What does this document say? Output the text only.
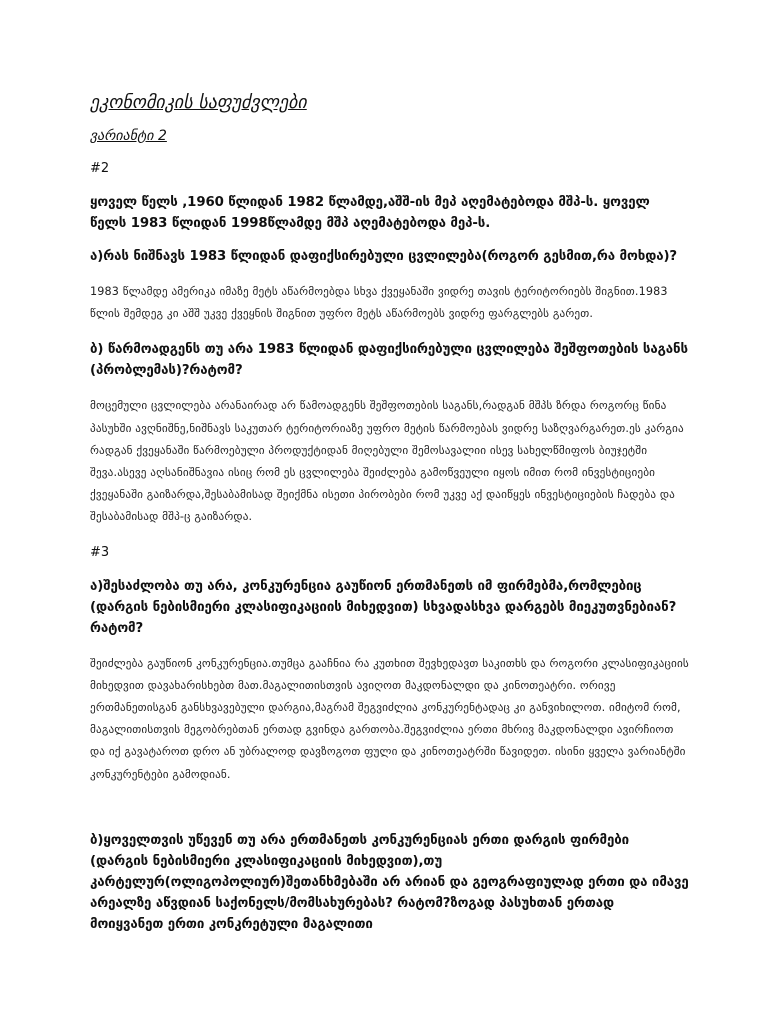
ეკონომიკის საფუძვლები
ვარიანტი 2
#2
ყოველ წელს ,1960 წლიდან 1982 წლამდე,აშშ-ის მეპ აღემატებოდა მშპ-ს. ყოველ წელს 1983 წლიდან 1998წლამდე მშპ აღემატებოდა მეპ-ს.
ა)რას ნიშნავს 1983 წლიდან დაფიქსირებული ცვლილება(როგორ გესმით,რა მოხდა)?
1983 წლამდე ამერიკა იმაზე მეტს აწარმოებდა სხვა ქვეყანაში ვიდრე თავის ტერიტორიებს შიგნით.1983 წლის შემდეგ კი აშშ უკვე ქვეყნის შიგნით უფრო მეტს აწარმოებს ვიდრე ფარგლებს გარეთ.
ბ) წარმოადგენს თუ არა 1983 წლიდან დაფიქსირებული ცვლილება შეშფოთების საგანს (პრობლემას)?რატომ?
მოცემული ცვლილება არანაირად არ წამოადგენს შეშფოთების საგანს,რადგან მშპს ზრდა როგორც წინა პასუხში ავღნიშნე,ნიშნავს საკუთარ ტერიტორიაზე უფრო მეტის წარმოებას ვიდრე საზღვარგარეთ.ეს კარგია რადგან ქვეყანაში წარმოებული პროდუქტიდან მიღებული შემოსავალიი ისევ სახელწმიფოს ბიუჯეტში შევა.ასევე აღსანიშნავია ისიც რომ ეს ცვლილება შეიძლება გამოწვეული იყოს იმით რომ ინვესტიციები ქვეყანაში გაიზარდა,შესაბამისად შეიქმნა ისეთი პირობები რომ უკვე აქ დაიწყეს ინვესტიციების ჩადება და შესაბამისად მშპ-ც გაიზარდა.
#3
ა)შესაძლობა თუ არა, კონკურენცია გაუწიონ ერთმანეთს იმ ფირმებმა,რომლებიც (დარგის ნებისმიერი კლასიფიკაციის მიხედვით) სხვადასხვა დარგებს მიეკუთვნებიან?რატომ?
შეიძლება გაუწიონ კონკურენცია.თუმცა გააჩნია რა კუთხით შევხედავთ საკითხს და როგორი კლასიფიკაციის მიხედვით დავახარისხებთ მათ.მაგალითისთვის ავიღოთ მაკდონალდი და კინოთეატრი. ორივე ერთმანეთისგან განსხვავებული დარგია,მაგრამ შეგვიძლია კონკურენტადაც კი განვიხილოთ. იმიტომ რომ, მაგალითისთვის მეგობრებთან ერთად გვინდა გართობა.შეგვიძლია ერთი მხრივ მაკდონალდი ავირჩიოთ და იქ გავატაროთ დრო ან უბრალოდ დავზოგოთ ფული და კინოთეატრში წავიდეთ. ისინი ყველა ვარიანტში კონკურენტები გამოდიან.
ბ)ყოველთვის უწევენ თუ არა ერთმანეთს კონკურენციას ერთი დარგის ფირმები (დარგის ნებისმიერი კლასიფიკაციის მიხედვით),თუ კარტელურ(ოლიგოპოლიურ)შეთანხმებაში არ არიან და გეოგრაფიულად ერთი და იმავე არეალზე აწვდიან საქონელს/მომსახურებას? რატომ?ზოგად პასუხთან ერთად მოიყვანეთ ერთი კონკრეტული მაგალითი
